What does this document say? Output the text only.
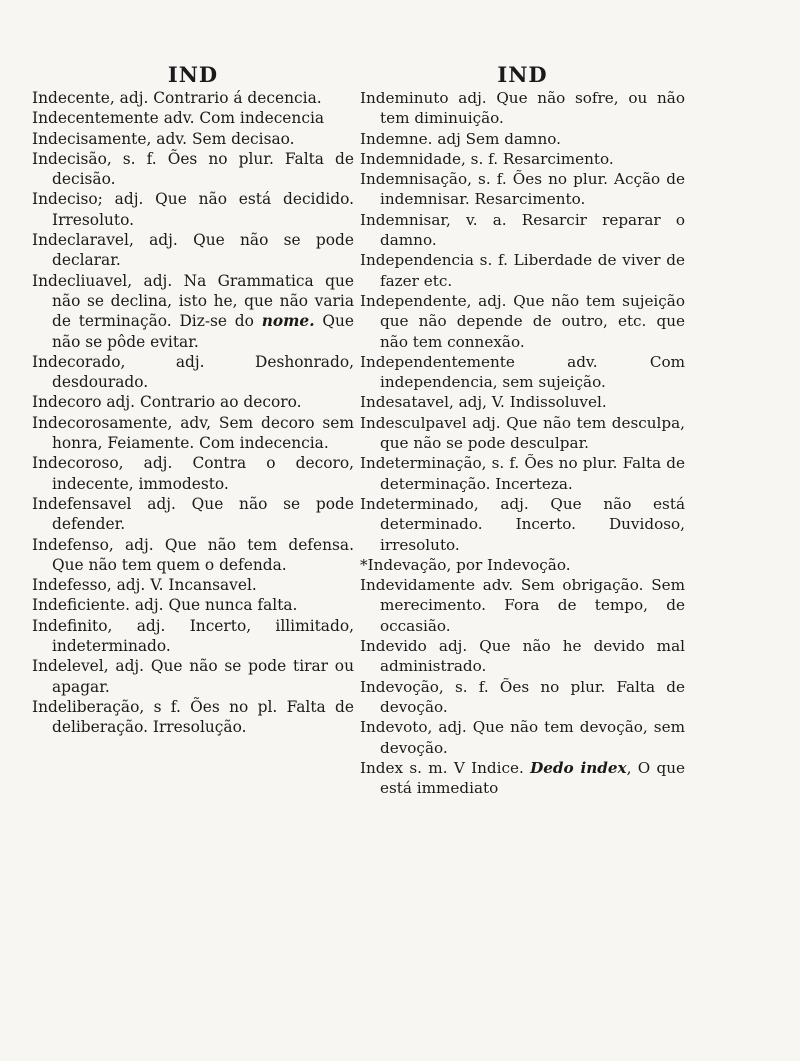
IND

Indecente, adj. Contrario á decencia.

Indecentemente adv. Com indecencia

Indecisamente, adv. Sem decisao.

Indecisão, s. f. Ões no plur. Falta de decisão.

Indeciso; adj. Que não está decidido. Irresoluto.

Indeclaravel, adj. Que não se pode declarar.

Indecliuavel, adj. Na Grammatica que não se declina, isto he, que não varia de terminação. Diz-se do nome. Que não se pôde evitar.

Indecorado, adj. Deshonrado, desdourado.

Indecoro adj. Contrario ao decoro.

Indecorosamente, adv, Sem decoro sem honra, Feiamente. Com indecencia.

Indecoroso, adj. Contra o decoro, indecente, immodesto.

Indefensavel adj. Que não se pode defender.

Indefenso, adj. Que não tem defensa. Que não tem quem o defenda.

Indefesso, adj. V. Incansavel.

Indeficiente. adj. Que nunca falta.

Indefinito, adj. Incerto, illimitado, indeterminado.

Indelevel, adj. Que não se pode tirar ou apagar.

Indeliberação, s f. Ões no pl. Falta de deliberação. Irresolução.

IND

Indeminuto adj. Que não sofre, ou não tem diminuição.

Indemne. adj Sem damno.

Indemnidade, s. f. Resarcimento.

Indemnisação, s. f. Ões no plur. Acção de indemnisar. Resarcimento.

Indemnisar, v. a. Resarcir reparar o damno.

Independencia s. f. Liberdade de viver de fazer etc.

Independente, adj. Que não tem sujeição que não depende de outro, etc. que não tem connexão.

Independentemente adv. Com independencia, sem sujeição.

Indesatavel, adj, V. Indissoluvel.

Indesculpavel adj. Que não tem desculpa, que não se pode desculpar.

Indeterminação, s. f. Ões no plur. Falta de determinação. Incerteza.

Indeterminado, adj. Que não está determinado. Incerto. Duvidoso, irresoluto.

*Indevação, por Indevoção.

Indevidamente adv. Sem obrigação. Sem merecimento. Fora de tempo, de occasião.

Indevido adj. Que não he devido mal administrado.

Indevoção, s. f. Ões no plur. Falta de devoção.

Indevoto, adj. Que não tem devoção, sem devoção.

Index s. m. V Indice. Dedo index, O que está immediato
